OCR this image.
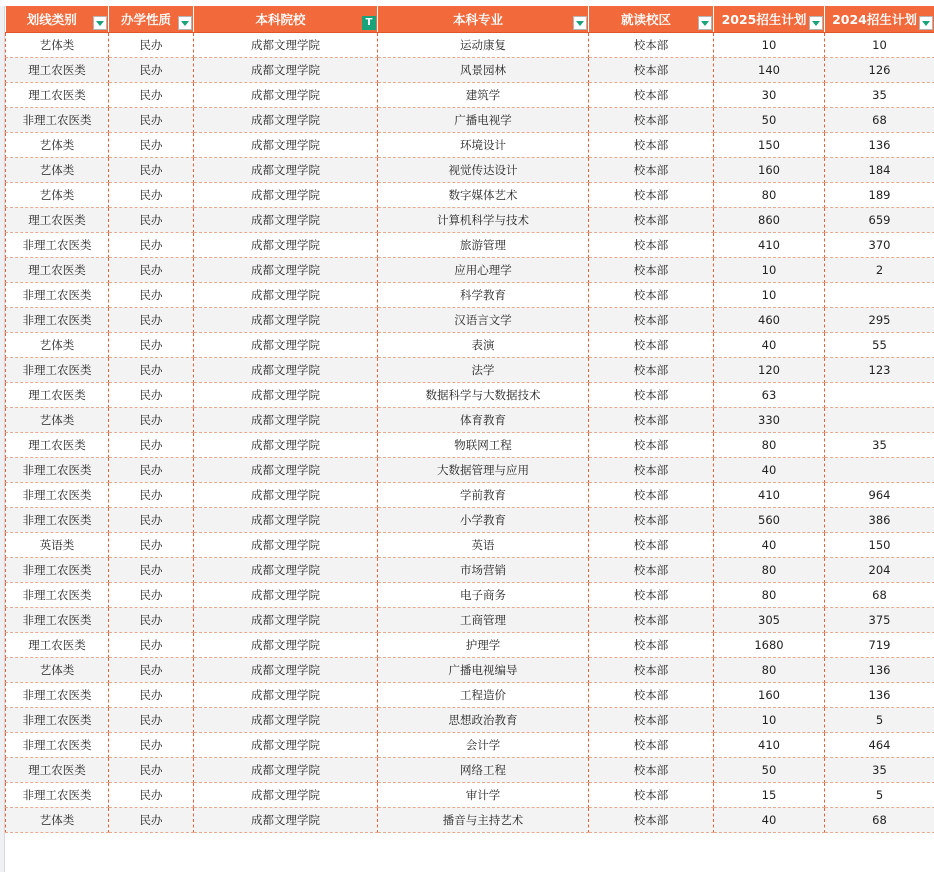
划线类别	办学性质	本科院校 T	本科专业	就读校区	2025招生计划	2024招生计划

艺体类	民办	成都文理学院	运动康复	校本部	10	10
理工农医类	民办	成都文理学院	风景园林	校本部	140	126
理工农医类	民办	成都文理学院	建筑学	校本部	30	35
非理工农医类	民办	成都文理学院	广播电视学	校本部	50	68
艺体类	民办	成都文理学院	环境设计	校本部	150	136
艺体类	民办	成都文理学院	视觉传达设计	校本部	160	184
艺体类	民办	成都文理学院	数字媒体艺术	校本部	80	189
理工农医类	民办	成都文理学院	计算机科学与技术	校本部	860	659
非理工农医类	民办	成都文理学院	旅游管理	校本部	410	370
理工农医类	民办	成都文理学院	应用心理学	校本部	10	2
非理工农医类	民办	成都文理学院	科学教育	校本部	10	
非理工农医类	民办	成都文理学院	汉语言文学	校本部	460	295
艺体类	民办	成都文理学院	表演	校本部	40	55
非理工农医类	民办	成都文理学院	法学	校本部	120	123
理工农医类	民办	成都文理学院	数据科学与大数据技术	校本部	63	
艺体类	民办	成都文理学院	体育教育	校本部	330	
理工农医类	民办	成都文理学院	物联网工程	校本部	80	35
非理工农医类	民办	成都文理学院	大数据管理与应用	校本部	40	
非理工农医类	民办	成都文理学院	学前教育	校本部	410	964
非理工农医类	民办	成都文理学院	小学教育	校本部	560	386
英语类	民办	成都文理学院	英语	校本部	40	150
非理工农医类	民办	成都文理学院	市场营销	校本部	80	204
非理工农医类	民办	成都文理学院	电子商务	校本部	80	68
非理工农医类	民办	成都文理学院	工商管理	校本部	305	375
理工农医类	民办	成都文理学院	护理学	校本部	1680	719
艺体类	民办	成都文理学院	广播电视编导	校本部	80	136
非理工农医类	民办	成都文理学院	工程造价	校本部	160	136
非理工农医类	民办	成都文理学院	思想政治教育	校本部	10	5
非理工农医类	民办	成都文理学院	会计学	校本部	410	464
理工农医类	民办	成都文理学院	网络工程	校本部	50	35
非理工农医类	民办	成都文理学院	审计学	校本部	15	5
艺体类	民办	成都文理学院	播音与主持艺术	校本部	40	68
